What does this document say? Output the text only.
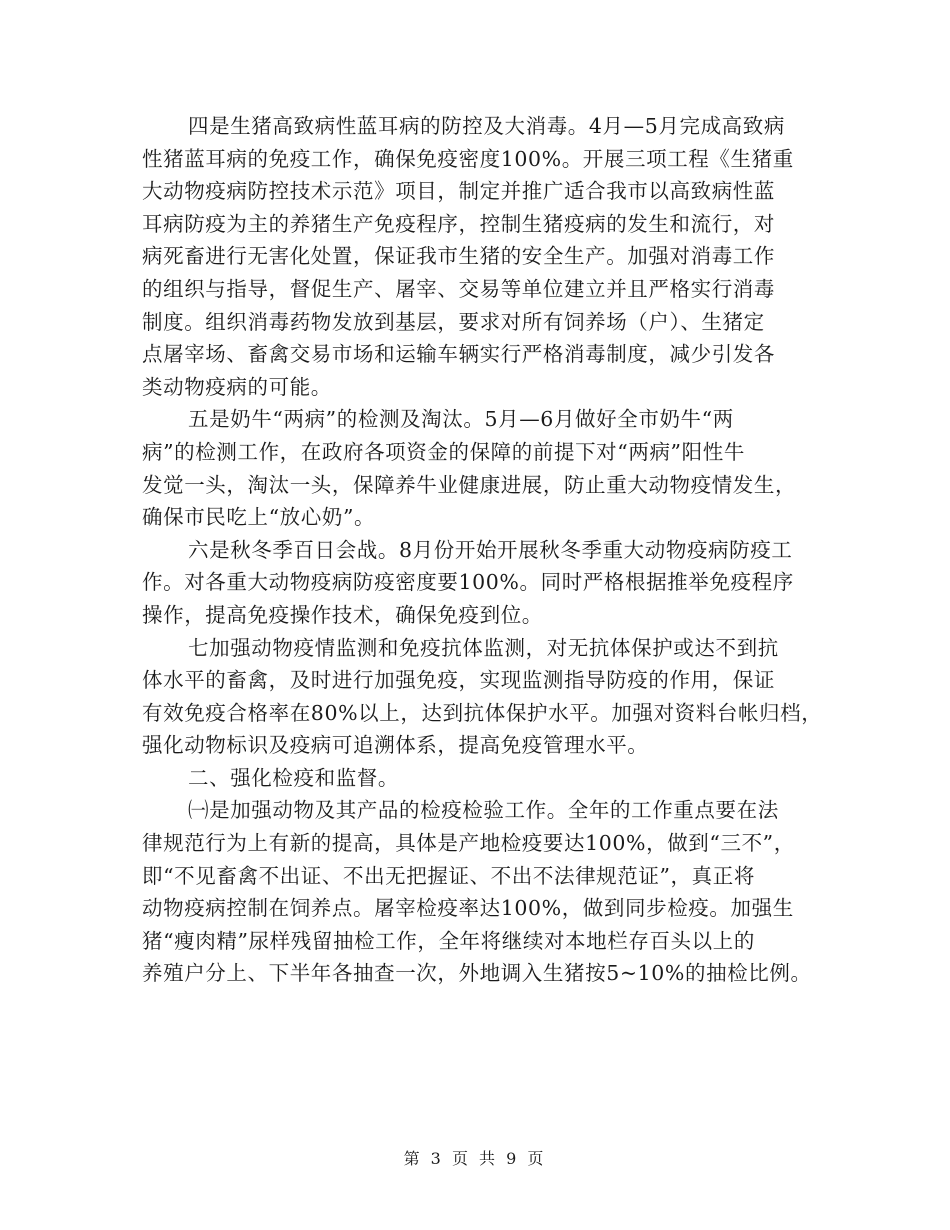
四是生猪高致病性蓝耳病的防控及大消毒。4月—5月完成高致病
性猪蓝耳病的免疫工作，确保免疫密度100%。开展三项工程《生猪重
大动物疫病防控技术示范》项目，制定并推广适合我市以高致病性蓝
耳病防疫为主的养猪生产免疫程序，控制生猪疫病的发生和流行，对
病死畜进行无害化处置，保证我市生猪的安全生产。加强对消毒工作
的组织与指导，督促生产、屠宰、交易等单位建立并且严格实行消毒
制度。组织消毒药物发放到基层，要求对所有饲养场（户）、生猪定
点屠宰场、畜禽交易市场和运输车辆实行严格消毒制度，减少引发各
类动物疫病的可能。
五是奶牛“两病”的检测及淘汰。5月—6月做好全市奶牛“两
病”的检测工作，在政府各项资金的保障的前提下对“两病”阳性牛
发觉一头，淘汰一头，保障养牛业健康进展，防止重大动物疫情发生，
确保市民吃上“放心奶”。
六是秋冬季百日会战。8月份开始开展秋冬季重大动物疫病防疫工
作。对各重大动物疫病防疫密度要100%。同时严格根据推举免疫程序
操作，提高免疫操作技术，确保免疫到位。
七加强动物疫情监测和免疫抗体监测，对无抗体保护或达不到抗
体水平的畜禽，及时进行加强免疫，实现监测指导防疫的作用，保证
有效免疫合格率在80%以上，达到抗体保护水平。加强对资料台帐归档，
强化动物标识及疫病可追溯体系，提高免疫管理水平。
二、强化检疫和监督。
㈠是加强动物及其产品的检疫检验工作。全年的工作重点要在法
律规范行为上有新的提高，具体是产地检疫要达100%，做到“三不”，
即“不见畜禽不出证、不出无把握证、不出不法律规范证”，真正将
动物疫病控制在饲养点。屠宰检疫率达100%，做到同步检疫。加强生
猪“瘦肉精”尿样残留抽检工作，全年将继续对本地栏存百头以上的
养殖户分上、下半年各抽查一次，外地调入生猪按5~10%的抽检比例。
第 3 页 共 9 页
